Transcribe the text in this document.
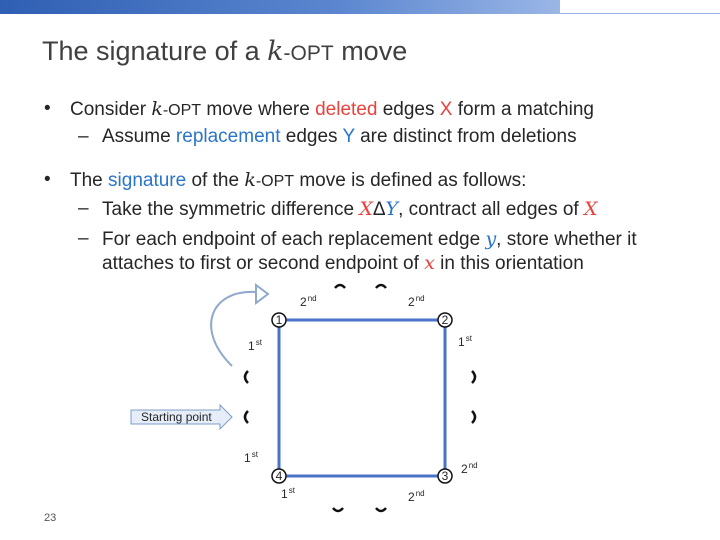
The signature of a k-OPT move
• Consider k-OPT move where deleted edges X form a matching
– Assume replacement edges Y are distinct from deletions
• The signature of the k-OPT move is defined as follows:
– Take the symmetric difference XΔY, contract all edges of X
– For each endpoint of each replacement edge y, store whether it
attaches to first or second endpoint of x in this orientation
Starting point
1	2
3
4
2nd	2nd
1st	1st
1st
2nd
1st	2nd
23
